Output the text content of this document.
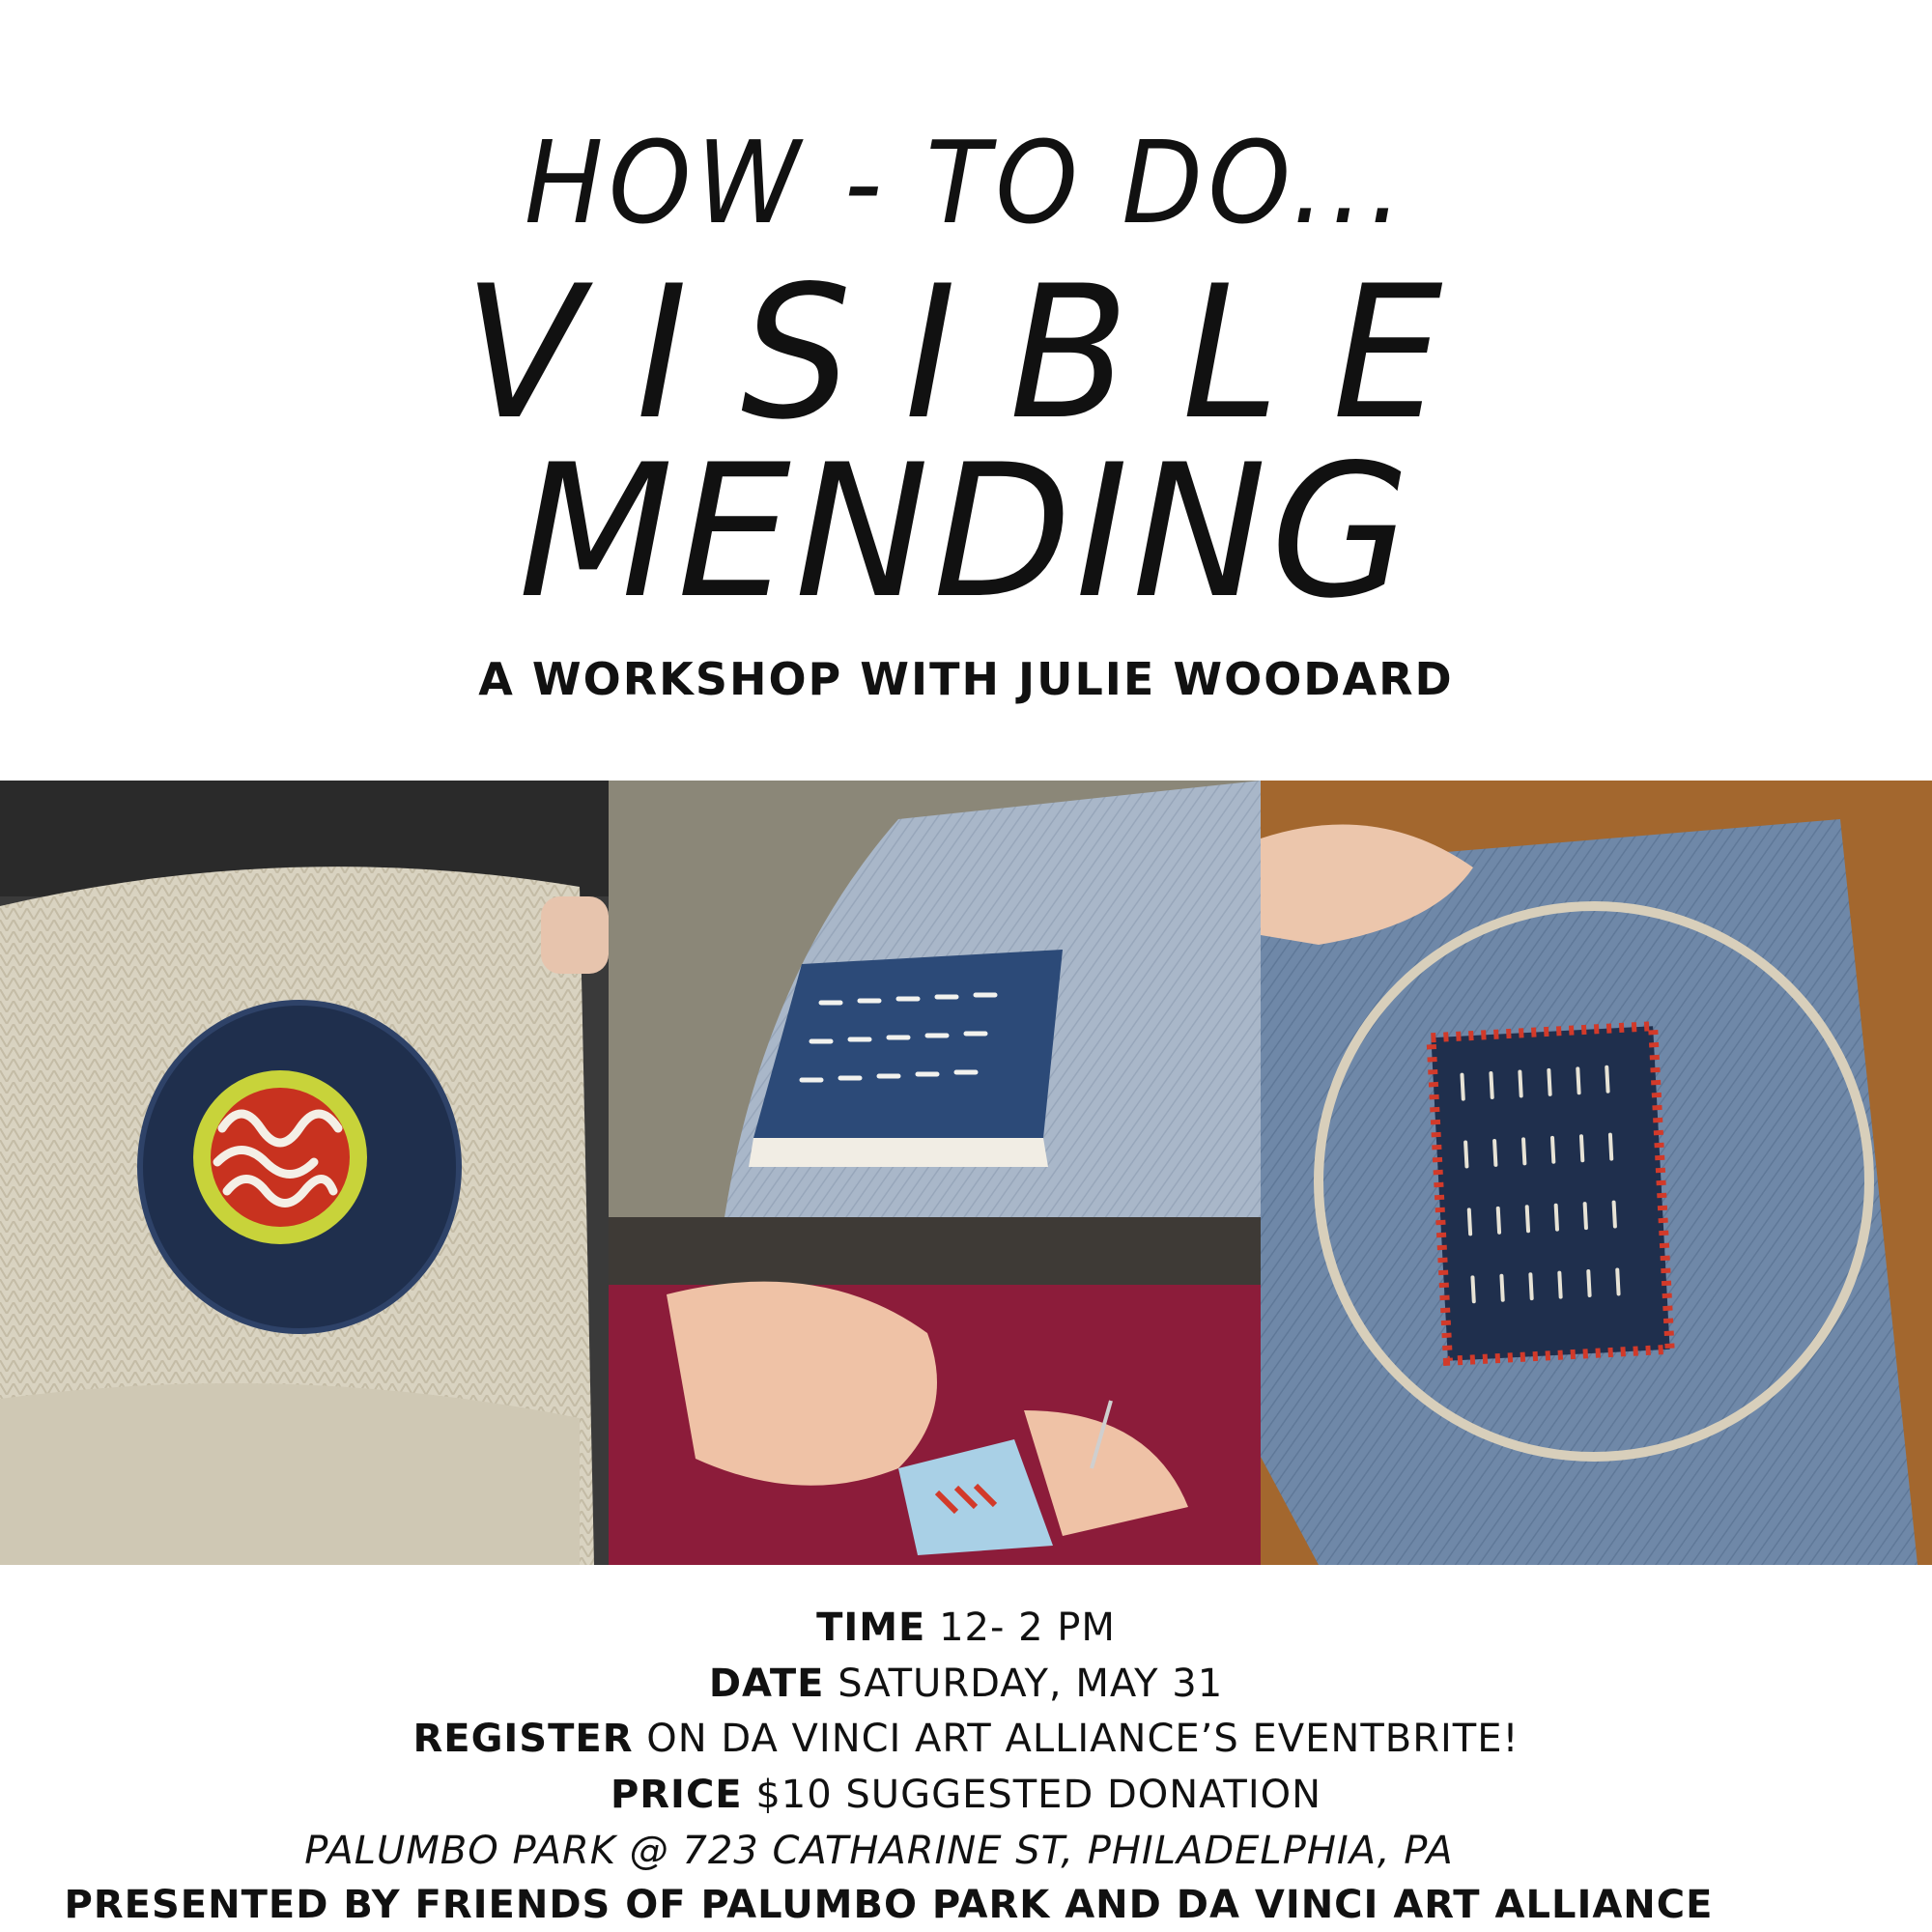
HOW - TO DO...
VISIBLE
MENDING
A WORKSHOP WITH JULIE WOODARD
TIME 12- 2 PM
DATE SATURDAY, MAY 31
REGISTER ON DA VINCI ART ALLIANCE’S EVENTBRITE!
PRICE $10 SUGGESTED DONATION
PALUMBO PARK @ 723 CATHARINE ST, PHILADELPHIA, PA
PRESENTED BY FRIENDS OF PALUMBO PARK AND DA VINCI ART ALLIANCE
